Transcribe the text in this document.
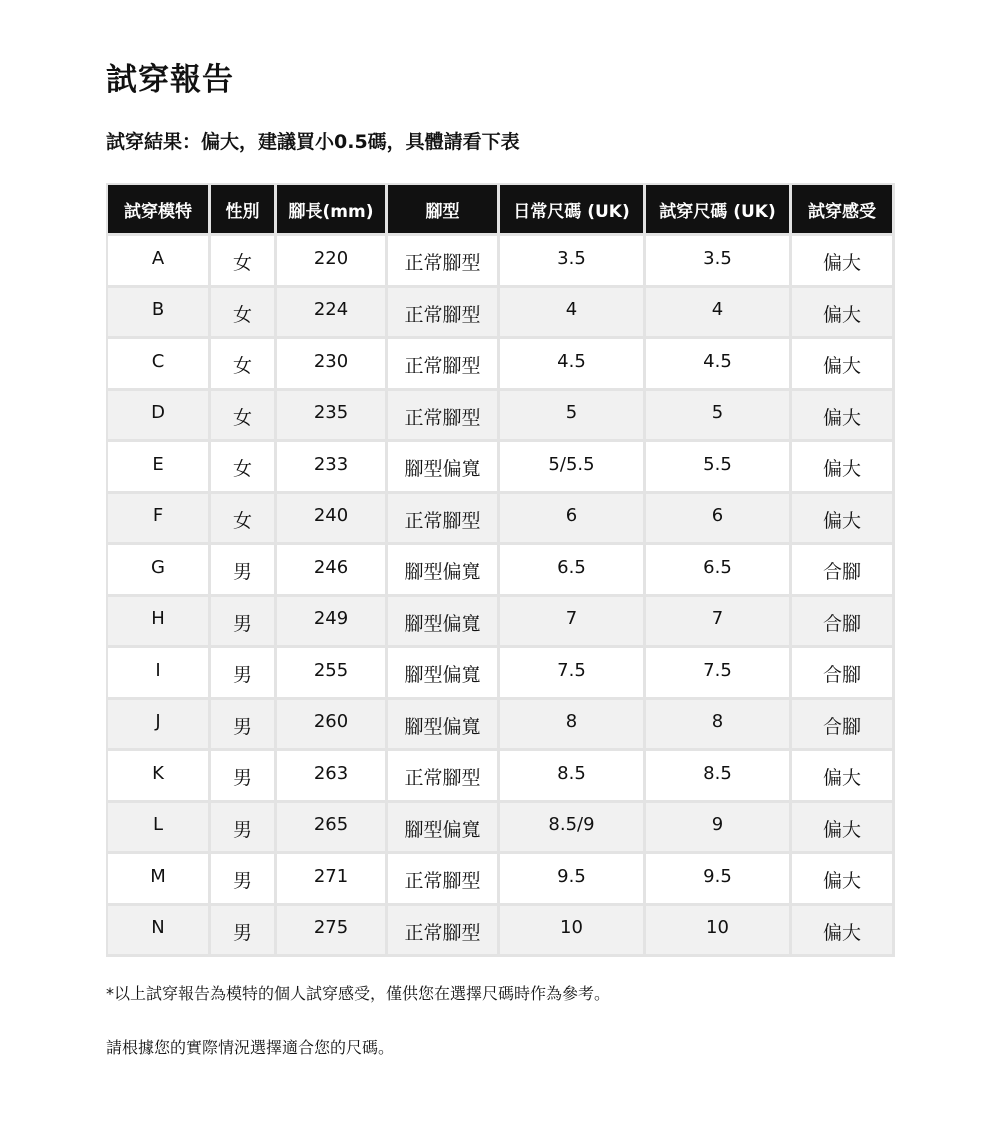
試穿報告
試穿結果：偏大，建議買小0.5碼，具體請看下表
試穿模特	性別	腳長(mm)	腳型	日常尺碼 (UK)	試穿尺碼 (UK)	試穿感受
A	女	220	正常腳型	3.5	3.5	偏大
B	女	224	正常腳型	4	4	偏大
C	女	230	正常腳型	4.5	4.5	偏大
D	女	235	正常腳型	5	5	偏大
E	女	233	腳型偏寬	5/5.5	5.5	偏大
F	女	240	正常腳型	6	6	偏大
G	男	246	腳型偏寬	6.5	6.5	合腳
H	男	249	腳型偏寬	7	7	合腳
I	男	255	腳型偏寬	7.5	7.5	合腳
J	男	260	腳型偏寬	8	8	合腳
K	男	263	正常腳型	8.5	8.5	偏大
L	男	265	腳型偏寬	8.5/9	9	偏大
M	男	271	正常腳型	9.5	9.5	偏大
N	男	275	正常腳型	10	10	偏大
*以上試穿報告為模特的個人試穿感受，僅供您在選擇尺碼時作為參考。
請根據您的實際情況選擇適合您的尺碼。
